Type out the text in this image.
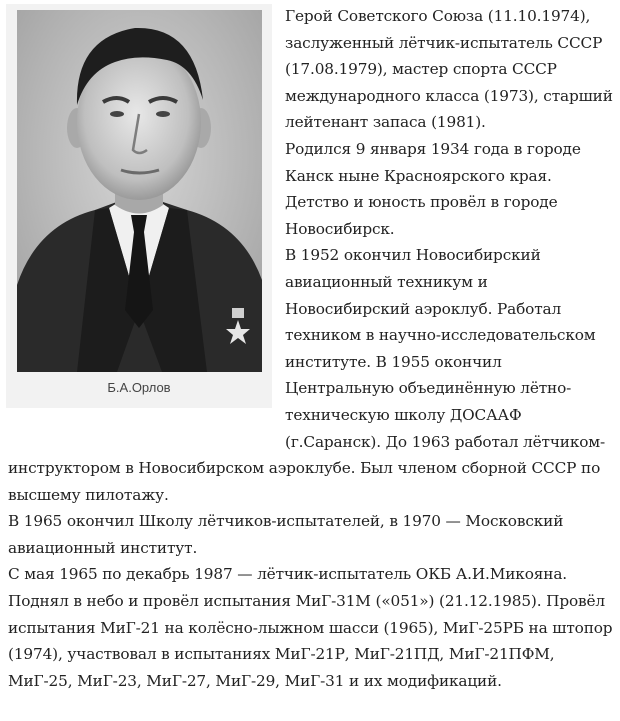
Б.А.Орлов

Герой Советского Союза (11.10.1974), заслуженный лётчик-испытатель СССР (17.08.1979), мастер спорта СССР международного класса (1973), старший лейтенант запаса (1981).

Родился 9 января 1934 года в городе Канск ныне Красноярского края. Детство и юность провёл в городе Новосибирск.

В 1952 окончил Новосибирский авиационный техникум и Новосибирский аэроклуб. Работал техником в научно-исследовательском институте. В 1955 окончил Центральную объединённую лётно-техническую школу ДОСААФ (г.Саранск). До 1963 работал лётчиком-инструктором в Новосибирском аэроклубе. Был членом сборной СССР по высшему пилотажу.

В 1965 окончил Школу лётчиков-испытателей, в 1970 — Московский авиационный институт.

С мая 1965 по декабрь 1987 — лётчик-испытатель ОКБ А.И.Микояна. Поднял в небо и провёл испытания МиГ-31М («051») (21.12.1985). Провёл испытания МиГ-21 на колёсно-лыжном шасси (1965), МиГ-25РБ на штопор (1974), участвовал в испытаниях МиГ-21Р, МиГ-21ПД, МиГ-21ПФМ, МиГ-25, МиГ-23, МиГ-27, МиГ-29, МиГ-31 и их модификаций.
